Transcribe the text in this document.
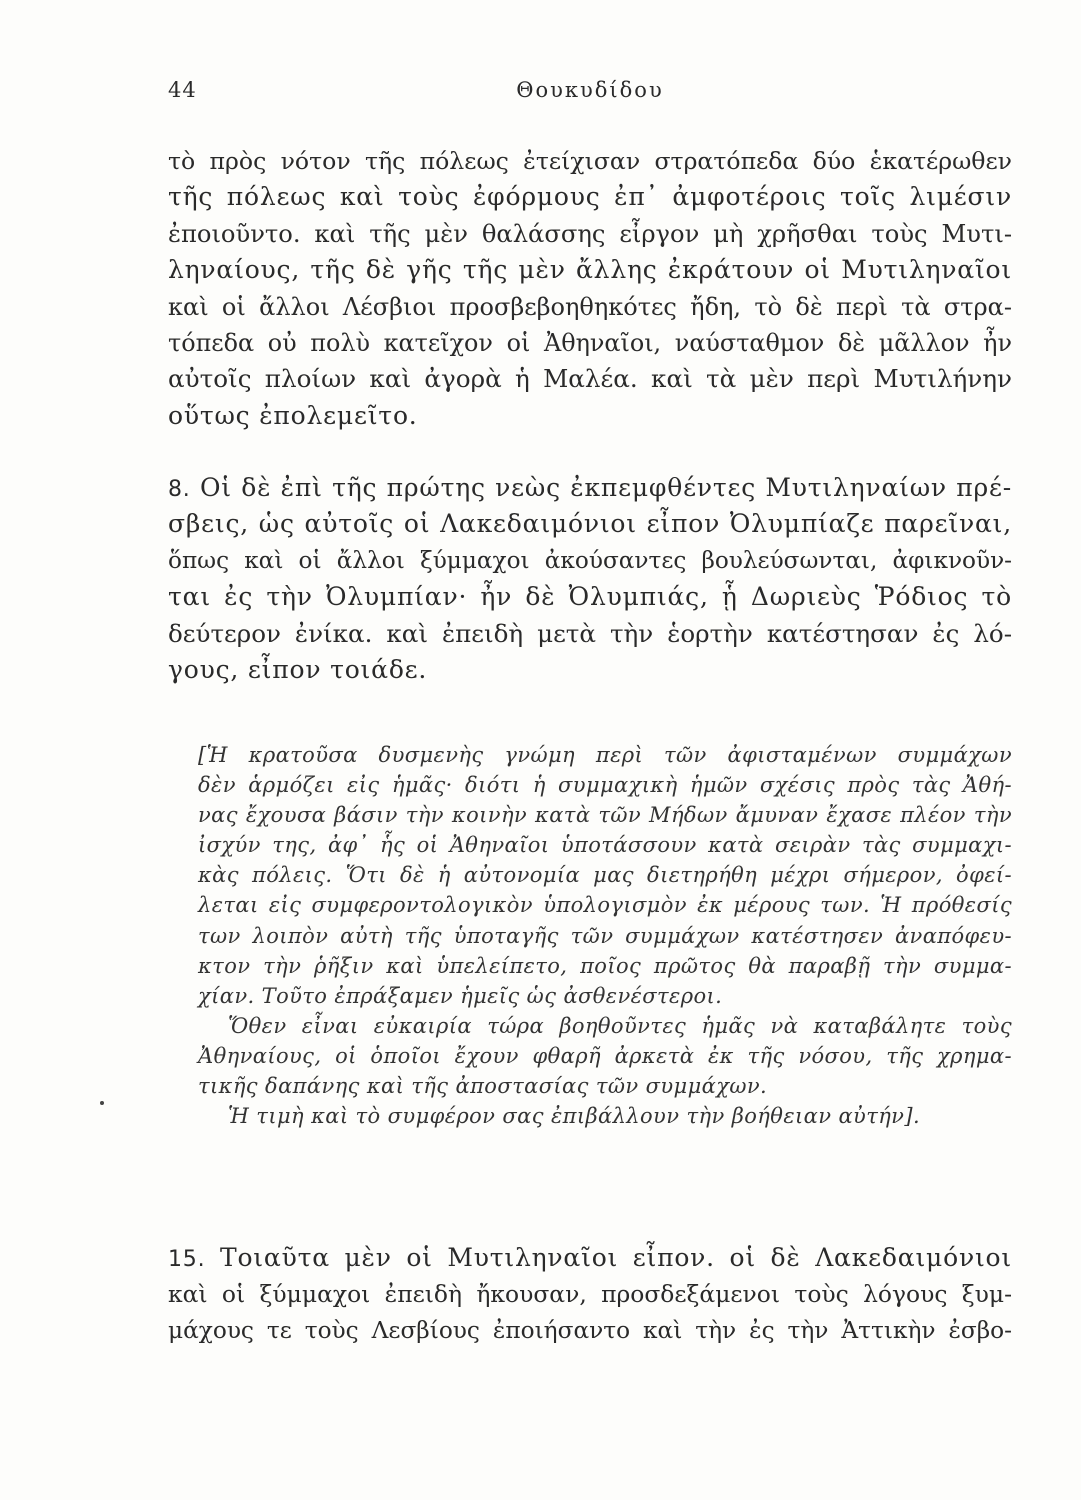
44	Θουκυδίδου
τὸ πρὸς νότον τῆς πόλεως ἐτείχισαν στρατόπεδα δύο ἑκατέρωθεν
τῆς πόλεως καὶ τοὺς ἐφόρμους ἐπ᾽ ἀμφοτέροις τοῖς λιμέσιν
ἐποιοῦντο. καὶ τῆς μὲν θαλάσσης εἶργον μὴ χρῆσθαι τοὺς Μυτι-
ληναίους, τῆς δὲ γῆς τῆς μὲν ἄλλης ἐκράτουν οἱ Μυτιληναῖοι
καὶ οἱ ἄλλοι Λέσβιοι προσβεβοηθηκότες ἤδη, τὸ δὲ περὶ τὰ στρα-
τόπεδα οὐ πολὺ κατεῖχον οἱ Ἀθηναῖοι, ναύσταθμον δὲ μᾶλλον ἦν
αὐτοῖς πλοίων καὶ ἀγορὰ ἡ Μαλέα. καὶ τὰ μὲν περὶ Μυτιλήνην
οὕτως ἐπολεμεῖτο.
8. Οἱ δὲ ἐπὶ τῆς πρώτης νεὼς ἐκπεμφθέντες Μυτιληναίων πρέ-
σβεις, ὡς αὐτοῖς οἱ Λακεδαιμόνιοι εἶπον Ὀλυμπίαζε παρεῖναι,
ὅπως καὶ οἱ ἄλλοι ξύμμαχοι ἀκούσαντες βουλεύσωνται, ἀφικνοῦν-
ται ἐς τὴν Ὀλυμπίαν· ἦν δὲ Ὀλυμπιάς, ᾗ Δωριεὺς Ῥόδιος τὸ
δεύτερον ἐνίκα. καὶ ἐπειδὴ μετὰ τὴν ἑορτὴν κατέστησαν ἐς λό-
γους, εἶπον τοιάδε.
[Ἡ κρατοῦσα δυσμενὴς γνώμη περὶ τῶν ἀφισταμένων συμμάχων
δὲν ἁρμόζει εἰς ἡμᾶς· διότι ἡ συμμαχικὴ ἡμῶν σχέσις πρὸς τὰς Ἀθή-
νας ἔχουσα βάσιν τὴν κοινὴν κατὰ τῶν Μήδων ἄμυναν ἔχασε πλέον τὴν
ἰσχύν της, ἀφ᾽ ἧς οἱ Ἀθηναῖοι ὑποτάσσουν κατὰ σειρὰν τὰς συμμαχι-
κὰς πόλεις. Ὅτι δὲ ἡ αὐτονομία μας διετηρήθη μέχρι σήμερον, ὀφεί-
λεται εἰς συμφεροντολογικὸν ὑπολογισμὸν ἐκ μέρους των. Ἡ πρόθεσίς
των λοιπὸν αὐτὴ τῆς ὑποταγῆς τῶν συμμάχων κατέστησεν ἀναπόφευ-
κτον τὴν ῥῆξιν καὶ ὑπελείπετο, ποῖος πρῶτος θὰ παραβῇ τὴν συμμα-
χίαν. Τοῦτο ἐπράξαμεν ἡμεῖς ὡς ἀσθενέστεροι.
Ὅθεν εἶναι εὐκαιρία τώρα βοηθοῦντες ἡμᾶς νὰ καταβάλητε τοὺς
Ἀθηναίους, οἱ ὁποῖοι ἔχουν φθαρῆ ἀρκετὰ ἐκ τῆς νόσου, τῆς χρημα-
τικῆς δαπάνης καὶ τῆς ἀποστασίας τῶν συμμάχων.
Ἡ τιμὴ καὶ τὸ συμφέρον σας ἐπιβάλλουν τὴν βοήθειαν αὐτήν].
15. Τοιαῦτα μὲν οἱ Μυτιληναῖοι εἶπον. οἱ δὲ Λακεδαιμόνιοι
καὶ οἱ ξύμμαχοι ἐπειδὴ ἤκουσαν, προσδεξάμενοι τοὺς λόγους ξυμ-
μάχους τε τοὺς Λεσβίους ἐποιήσαντο καὶ τὴν ἐς τὴν Ἀττικὴν ἐσβο-
